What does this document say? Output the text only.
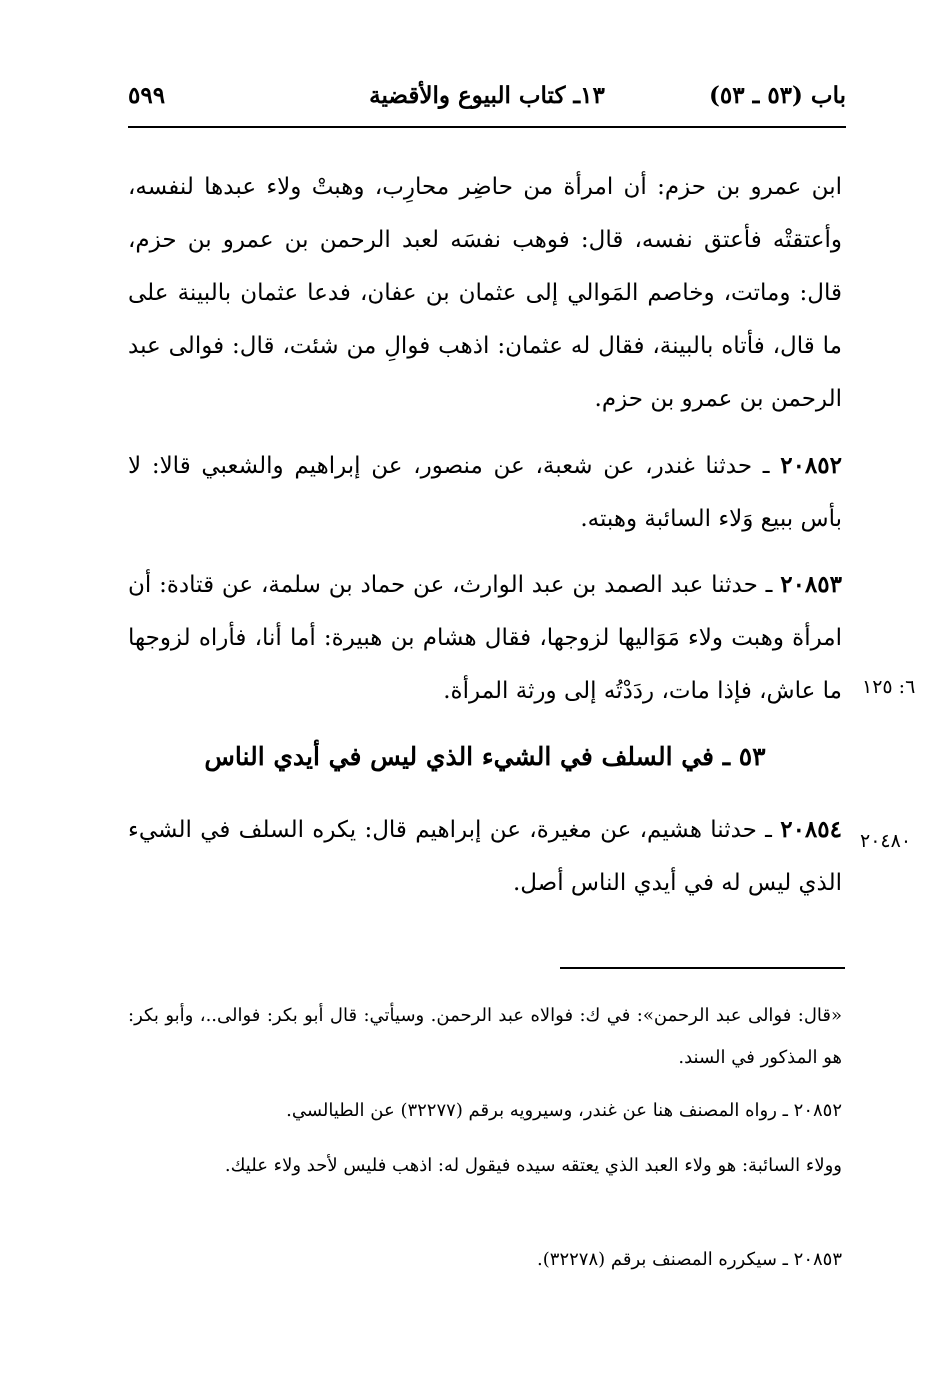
باب (٥٣ ـ ٥٣)
١٣ـ كتاب البيوع والأقضية
٥٩٩
ابن عمرو بن حزم: أن امرأة من حاضِر محارِب، وهبتْ ولاء عبدها لنفسه، وأعتقتْه فأعتق نفسه، قال: فوهب نفسَه لعبد الرحمن بن عمرو بن حزم، قال: وماتت، وخاصم المَوالي إلى عثمان بن عفان، فدعا عثمان بالبينة على ما قال، فأتاه بالبينة، فقال له عثمان: اذهب فوالِ من شئت، قال: فوالى عبد الرحمن بن عمرو بن حزم.
٢٠٨٥٢ ـ حدثنا غندر، عن شعبة، عن منصور، عن إبراهيم والشعبي قالا: لا بأس ببيع وَلاء السائبة وهبته.
٢٠٨٥٣ ـ حدثنا عبد الصمد بن عبد الوارث، عن حماد بن سلمة، عن قتادة: أن امرأة وهبت ولاء مَوَاليها لزوجها، فقال هشام بن هبيرة: أما أنا، فأراه لزوجها ما عاش، فإذا مات، ردَدْتُه إلى ورثة المرأة. ٦: ١٢٥
٥٣ ـ في السلف في الشيء الذي ليس في أيدي الناس
٢٠٤٨٠
٢٠٨٥٤ ـ حدثنا هشيم، عن مغيرة، عن إبراهيم قال: يكره السلف في الشيء الذي ليس له في أيدي الناس أصل.
«قال: فوالى عبد الرحمن»: في ك: فوالاه عبد الرحمن. وسيأتي: قال أبو بكر: فوالى..، وأبو بكر: هو المذكور في السند.
٢٠٨٥٢ ـ رواه المصنف هنا عن غندر، وسيرويه برقم (٣٢٢٧٧) عن الطيالسي.
وولاء السائبة: هو ولاء العبد الذي يعتقه سيده فيقول له: اذهب فليس لأحد ولاء عليك.
٢٠٨٥٣ ـ سيكرره المصنف برقم (٣٢٢٧٨).
